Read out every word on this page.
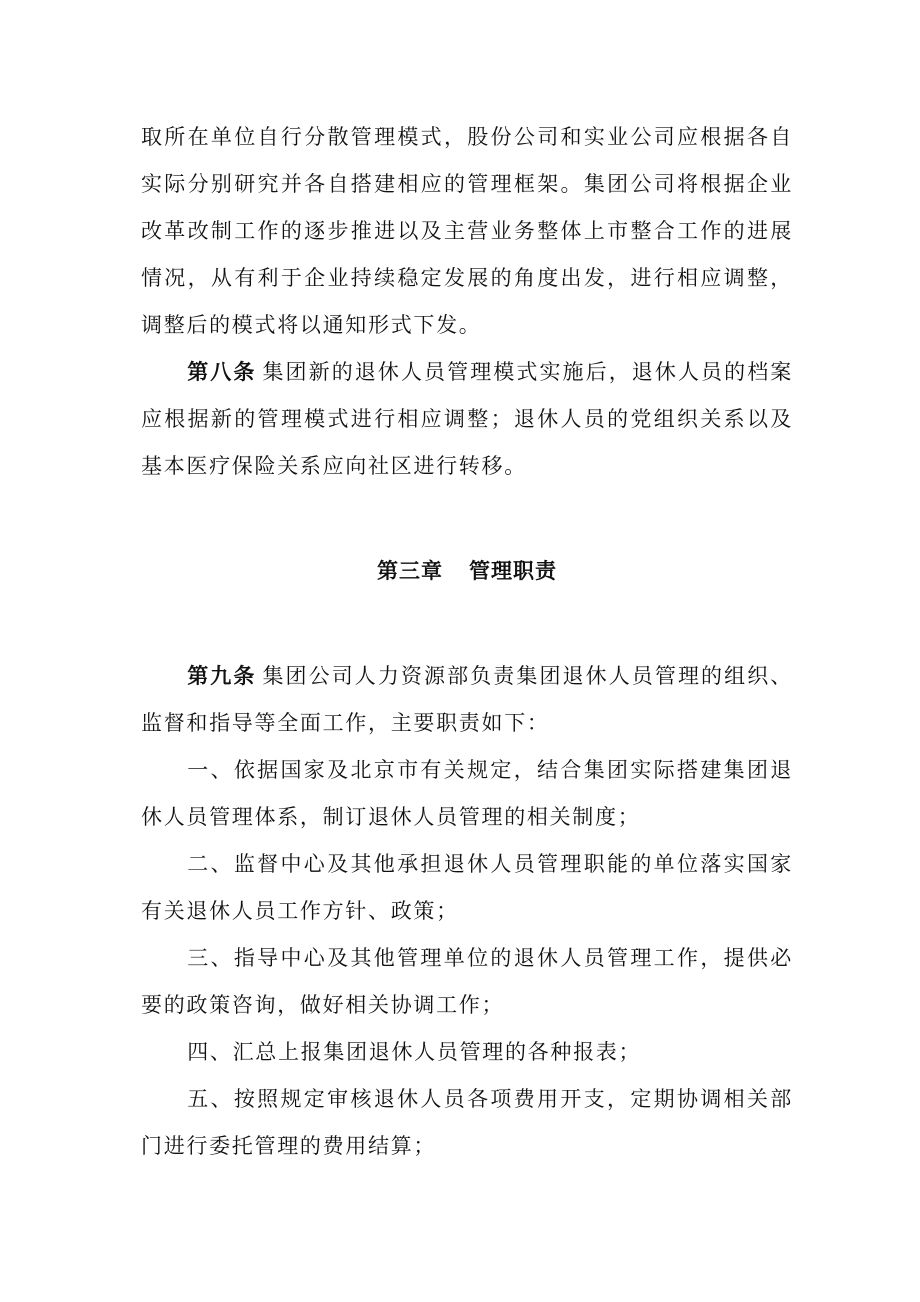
取所在单位自行分散管理模式，股份公司和实业公司应根据各自实际分别研究并各自搭建相应的管理框架。集团公司将根据企业改革改制工作的逐步推进以及主营业务整体上市整合工作的进展情况，从有利于企业持续稳定发展的角度出发，进行相应调整，调整后的模式将以通知形式下发。

第八条 集团新的退休人员管理模式实施后，退休人员的档案应根据新的管理模式进行相应调整；退休人员的党组织关系以及基本医疗保险关系应向社区进行转移。

第三章 管理职责

第九条 集团公司人力资源部负责集团退休人员管理的组织、监督和指导等全面工作，主要职责如下：

一、依据国家及北京市有关规定，结合集团实际搭建集团退休人员管理体系，制订退休人员管理的相关制度；

二、监督中心及其他承担退休人员管理职能的单位落实国家有关退休人员工作方针、政策；

三、指导中心及其他管理单位的退休人员管理工作，提供必要的政策咨询，做好相关协调工作；

四、汇总上报集团退休人员管理的各种报表；

五、按照规定审核退休人员各项费用开支，定期协调相关部门进行委托管理的费用结算；
